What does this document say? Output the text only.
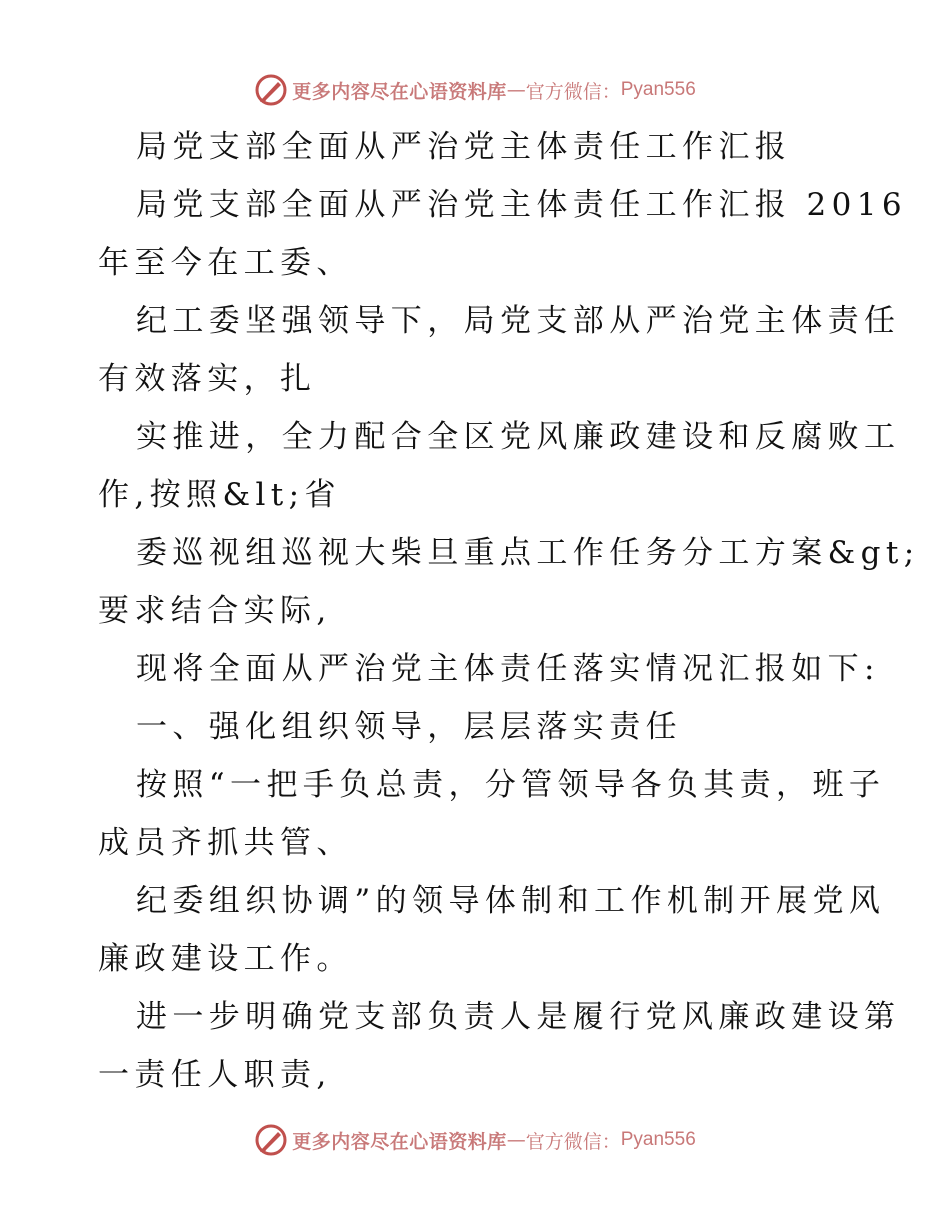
更多内容尽在心语资料库 — 官方微信： Pyan556
局党支部全面从严治党主体责任工作汇报
局党支部全面从严治党主体责任工作汇报 2016
年至今在工委、
纪工委坚强领导下，局党支部从严治党主体责任
有效落实，扎
实推进，全力配合全区党风廉政建设和反腐败工
作,按照&lt;省
委巡视组巡视大柴旦重点工作任务分工方案&gt;
要求结合实际,
现将全面从严治党主体责任落实情况汇报如下:
一、强化组织领导，层层落实责任
按照“一把手负总责，分管领导各负其责，班子
成员齐抓共管、
纪委组织协调”的领导体制和工作机制开展党风
廉政建设工作。
进一步明确党支部负责人是履行党风廉政建设第
一责任人职责,
更多内容尽在心语资料库 — 官方微信： Pyan556
